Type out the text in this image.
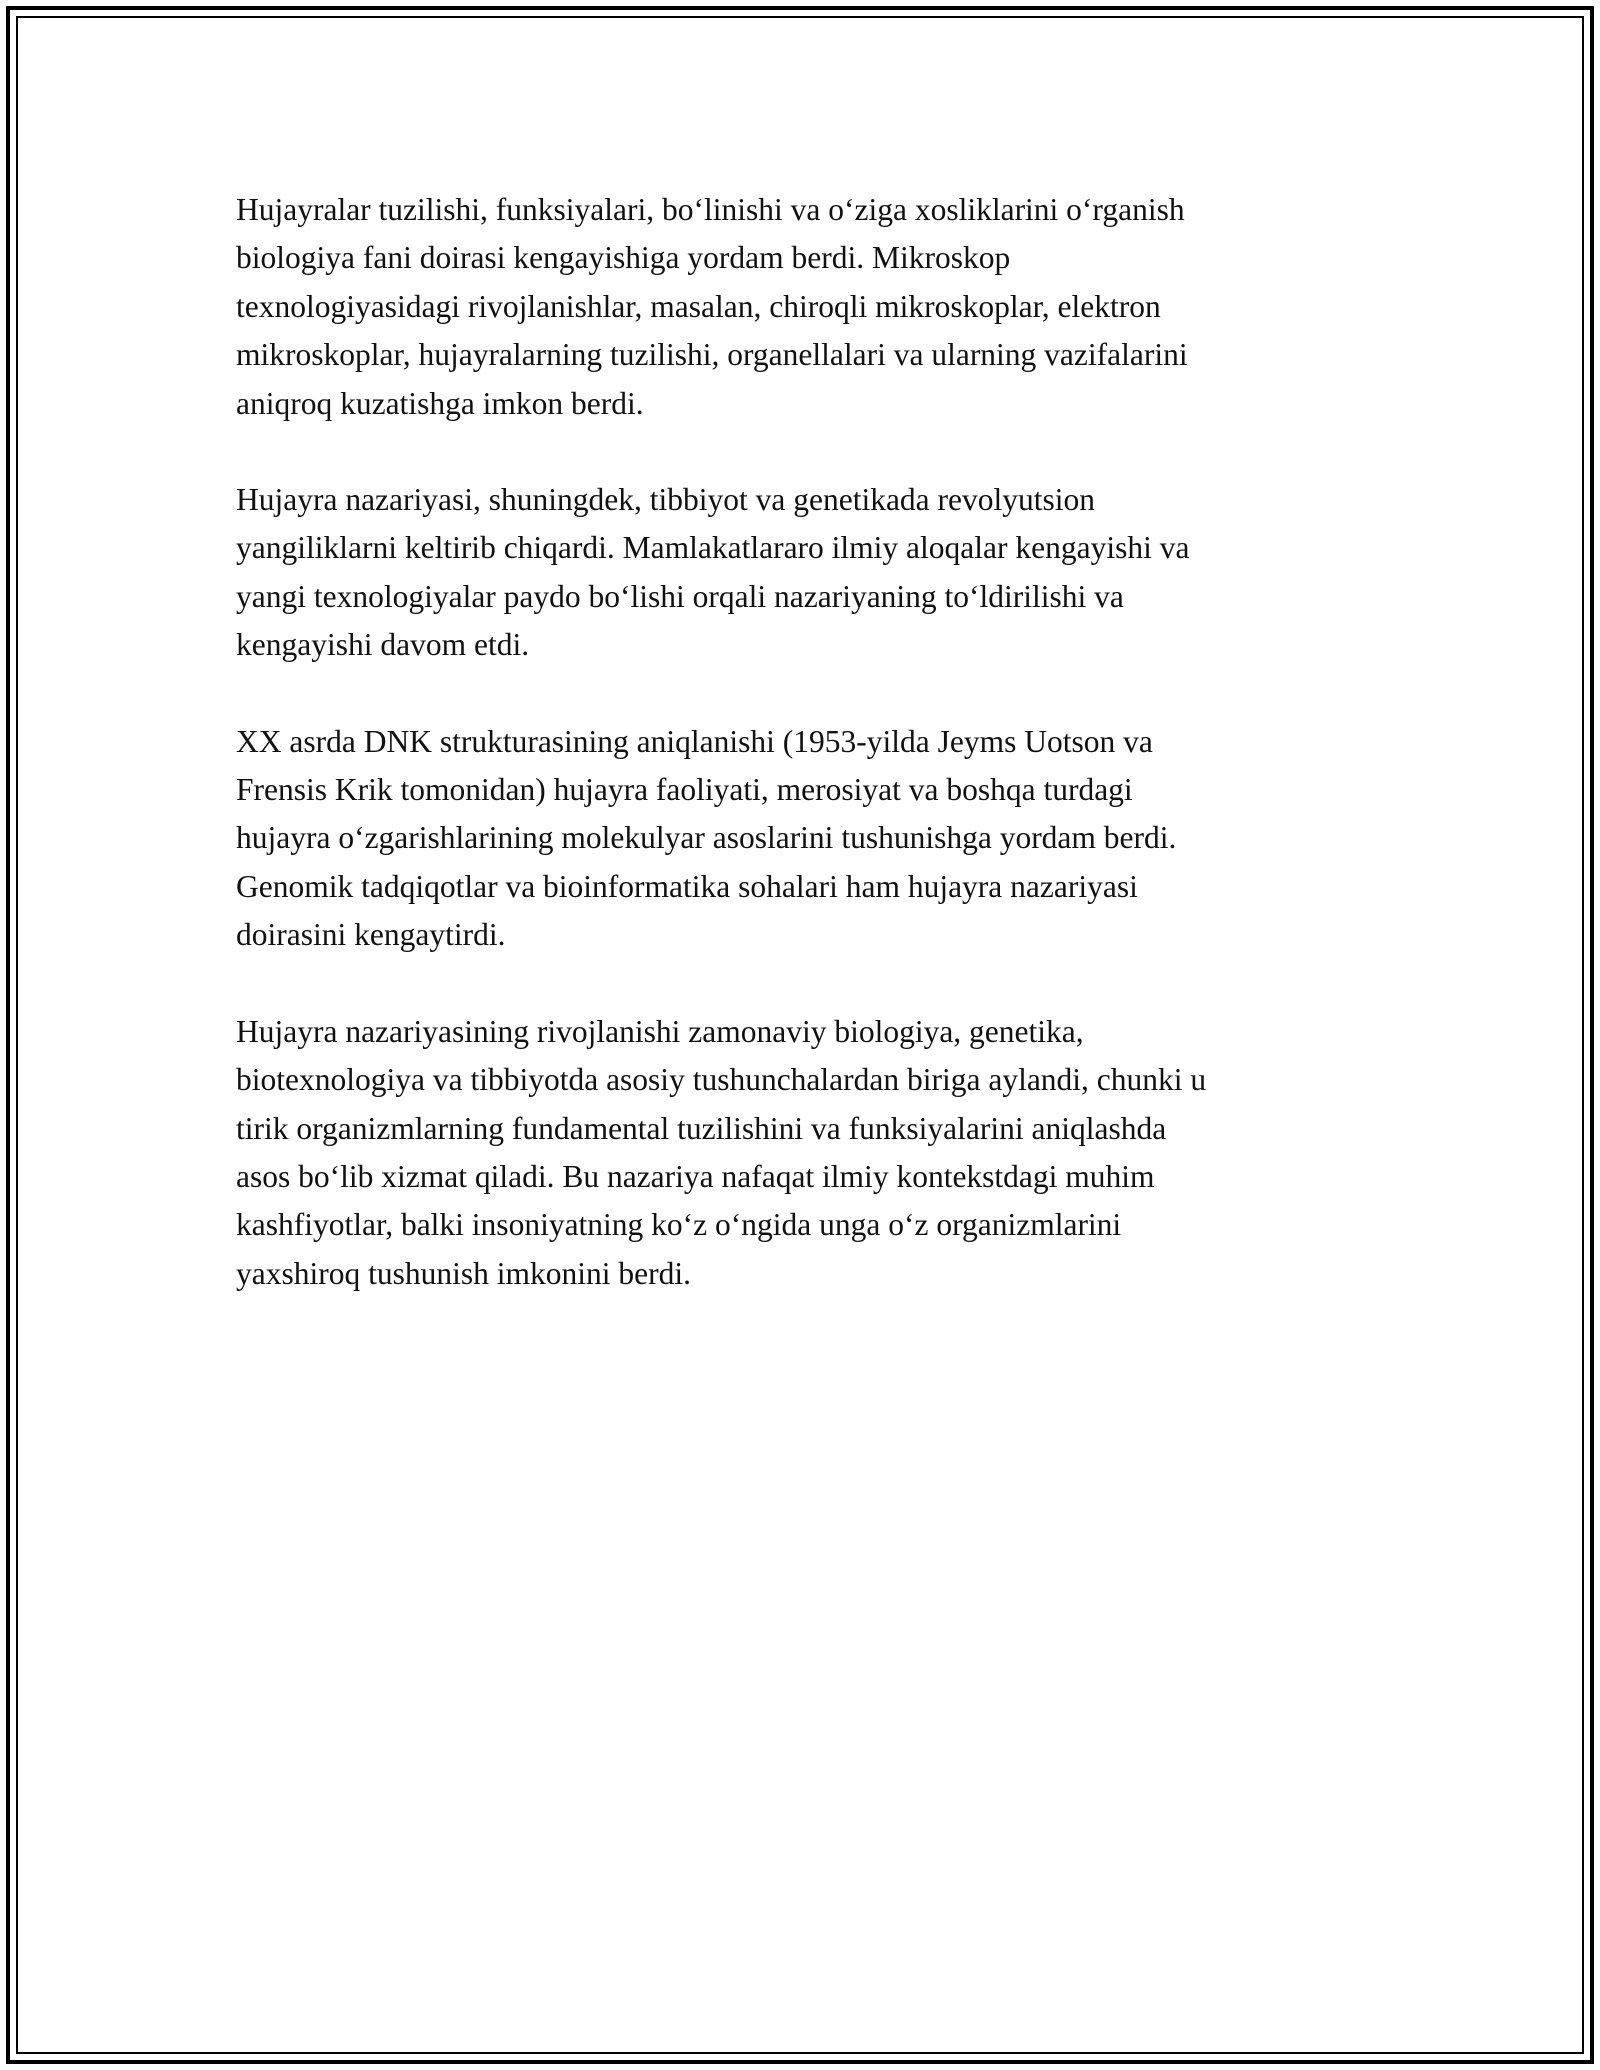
Hujayralar tuzilishi, funksiyalari, bo‘linishi va o‘ziga xosliklarini o‘rganish
biologiya fani doirasi kengayishiga yordam berdi. Mikroskop
texnologiyasidagi rivojlanishlar, masalan, chiroqli mikroskoplar, elektron
mikroskoplar, hujayralarning tuzilishi, organellalari va ularning vazifalarini
aniqroq kuzatishga imkon berdi.

Hujayra nazariyasi, shuningdek, tibbiyot va genetikada revolyutsion
yangiliklarni keltirib chiqardi. Mamlakatlararo ilmiy aloqalar kengayishi va
yangi texnologiyalar paydo bo‘lishi orqali nazariyaning to‘ldirilishi va
kengayishi davom etdi.

XX asrda DNK strukturasining aniqlanishi (1953-yilda Jeyms Uotson va
Frensis Krik tomonidan) hujayra faoliyati, merosiyat va boshqa turdagi
hujayra o‘zgarishlarining molekulyar asoslarini tushunishga yordam berdi.
Genomik tadqiqotlar va bioinformatika sohalari ham hujayra nazariyasi
doirasini kengaytirdi.

Hujayra nazariyasining rivojlanishi zamonaviy biologiya, genetika,
biotexnologiya va tibbiyotda asosiy tushunchalardan biriga aylandi, chunki u
tirik organizmlarning fundamental tuzilishini va funksiyalarini aniqlashda
asos bo‘lib xizmat qiladi. Bu nazariya nafaqat ilmiy kontekstdagi muhim
kashfiyotlar, balki insoniyatning ko‘z o‘ngida unga o‘z organizmlarini
yaxshiroq tushunish imkonini berdi.
